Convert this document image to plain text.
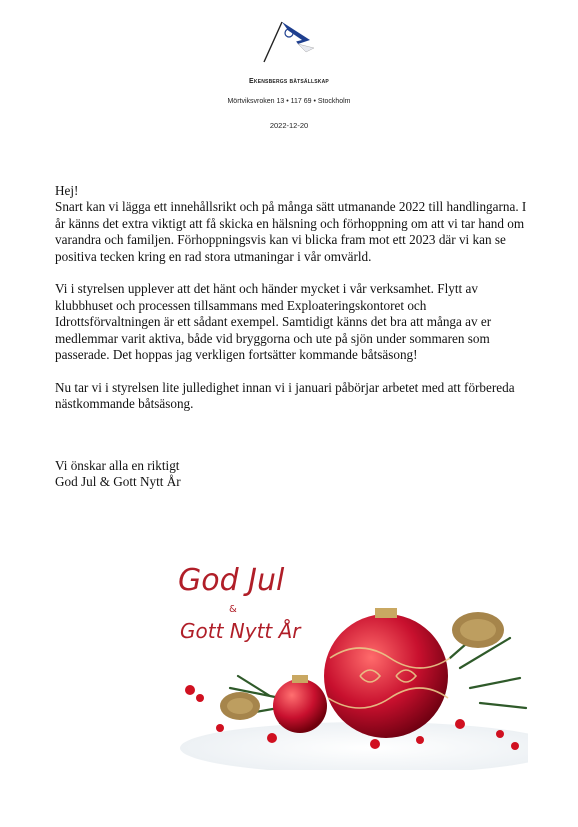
Ekensbergs båtsällskap
Mörtviksvroken 13 • 117 69 • Stockholm
2022-12-20

Hej!

Snart kan vi lägga ett innehållsrikt och på många sätt utmanande 2022 till handlingarna. I år känns det extra viktigt att få skicka en hälsning och förhoppning om att vi tar hand om varandra och familjen. Förhoppningsvis kan vi blicka fram mot ett 2023 där vi kan se positiva tecken kring en rad stora utmaningar i vår omvärld.

Vi i styrelsen upplever att det hänt och händer mycket i vår verksamhet. Flytt av klubbhuset och processen tillsammans med Exploateringskontoret och Idrottsförvaltningen är ett sådant exempel. Samtidigt känns det bra att många av er medlemmar varit aktiva, både vid bryggorna och ute på sjön under sommaren som passerade. Det hoppas jag verkligen fortsätter kommande båtsäsong!

Nu tar vi i styrelsen lite julledighet innan vi i januari påbörjar arbetet med att förbereda nästkommande båtsäsong.

Vi önskar alla en riktigt
God Jul & Gott Nytt År
God Jul
&
Gott Nytt År
